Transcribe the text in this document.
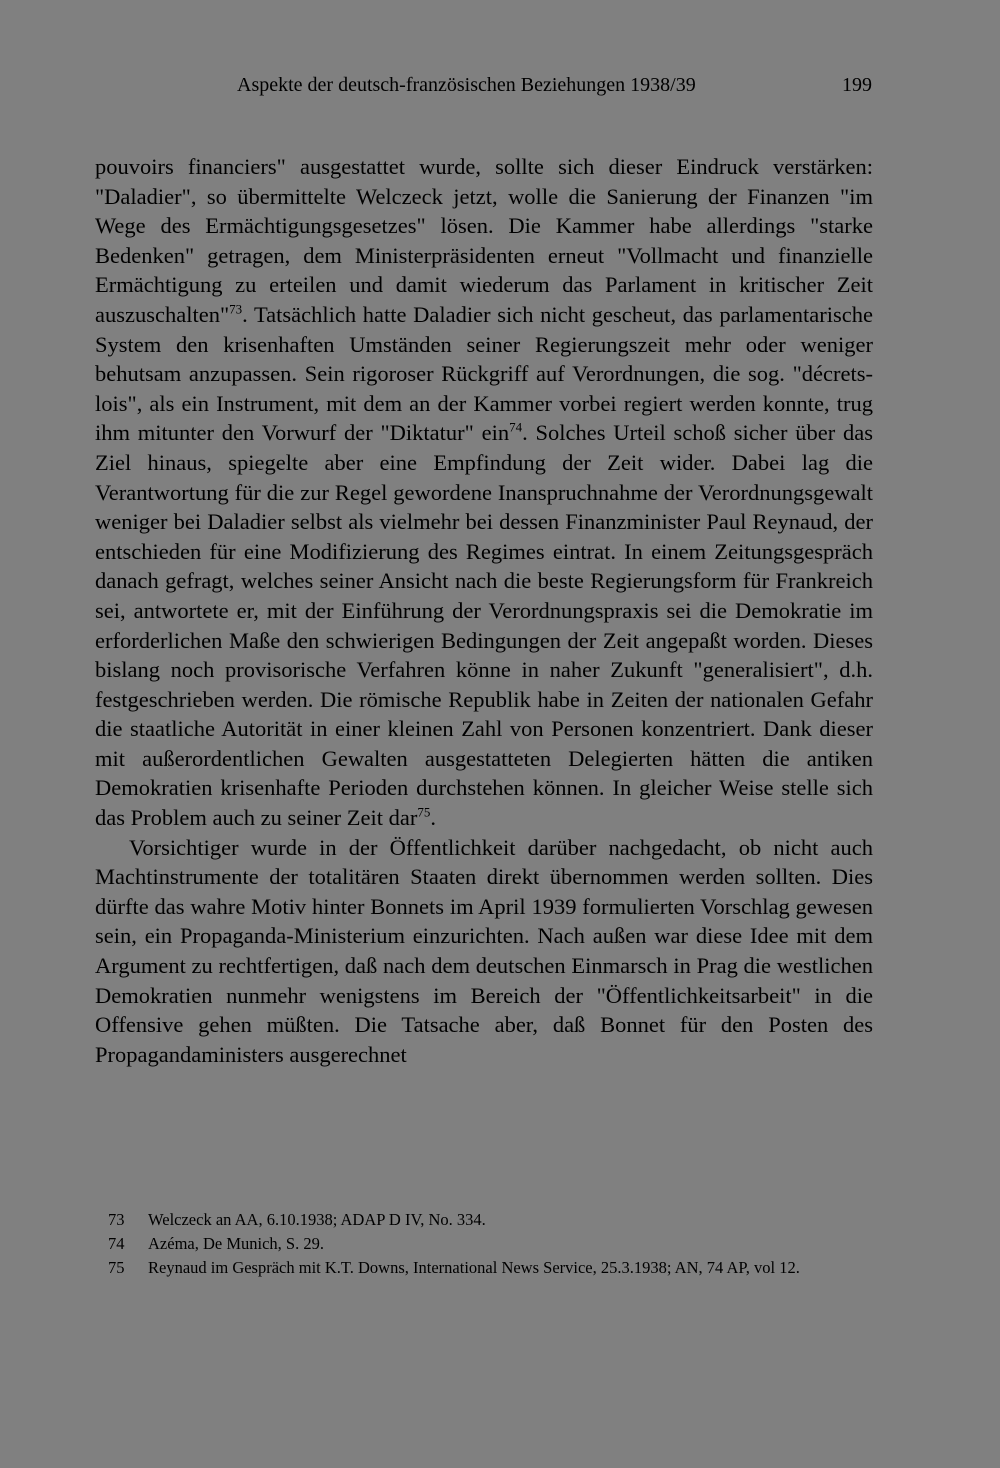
Aspekte der deutsch-französischen Beziehungen 1938/39	199

pouvoirs financiers" ausgestattet wurde, sollte sich dieser Eindruck verstärken: "Daladier", so übermittelte Welczeck jetzt, wolle die Sanierung der Finanzen "im Wege des Ermächtigungsgesetzes" lösen. Die Kammer habe allerdings "starke Bedenken" getragen, dem Ministerpräsidenten erneut "Vollmacht und finanzielle Ermächtigung zu erteilen und damit wiederum das Parlament in kritischer Zeit auszuschalten"$^{73}$. Tatsächlich hatte Daladier sich nicht gescheut, das parlamentarische System den krisenhaften Umständen seiner Regierungszeit mehr oder weniger behutsam anzupassen. Sein rigoroser Rückgriff auf Verordnungen, die sog. "décrets-lois", als ein Instrument, mit dem an der Kammer vorbei regiert werden konnte, trug ihm mitunter den Vorwurf der "Diktatur" ein$^{74}$. Solches Urteil schoß sicher über das Ziel hinaus, spiegelte aber eine Empfindung der Zeit wider. Dabei lag die Verantwortung für die zur Regel gewordene Inanspruchnahme der Verordnungsgewalt weniger bei Daladier selbst als vielmehr bei dessen Finanzminister Paul Reynaud, der entschieden für eine Modifizierung des Regimes eintrat. In einem Zeitungsgespräch danach gefragt, welches seiner Ansicht nach die beste Regierungsform für Frankreich sei, antwortete er, mit der Einführung der Verordnungspraxis sei die Demokratie im erforderlichen Maße den schwierigen Bedingungen der Zeit angepaßt worden. Dieses bislang noch provisorische Verfahren könne in naher Zukunft "generalisiert", d.h. festgeschrieben werden. Die römische Republik habe in Zeiten der nationalen Gefahr die staatliche Autorität in einer kleinen Zahl von Personen konzentriert. Dank dieser mit außerordentlichen Gewalten ausgestatteten Delegierten hätten die antiken Demokratien krisenhafte Perioden durchstehen können. In gleicher Weise stelle sich das Problem auch zu seiner Zeit dar$^{75}$.

Vorsichtiger wurde in der Öffentlichkeit darüber nachgedacht, ob nicht auch Machtinstrumente der totalitären Staaten direkt übernommen werden sollten. Dies dürfte das wahre Motiv hinter Bonnets im April 1939 formulierten Vorschlag gewesen sein, ein Propaganda-Ministerium einzurichten. Nach außen war diese Idee mit dem Argument zu rechtfertigen, daß nach dem deutschen Einmarsch in Prag die westlichen Demokratien nunmehr wenigstens im Bereich der "Öffentlichkeitsarbeit" in die Offensive gehen müßten. Die Tatsache aber, daß Bonnet für den Posten des Propagandaministers ausgerechnet

73 Welczeck an AA, 6.10.1938; ADAP D IV, No. 334.
74 Azéma, De Munich, S. 29.
75 Reynaud im Gespräch mit K.T. Downs, International News Service, 25.3.1938; AN, 74 AP, vol 12.
